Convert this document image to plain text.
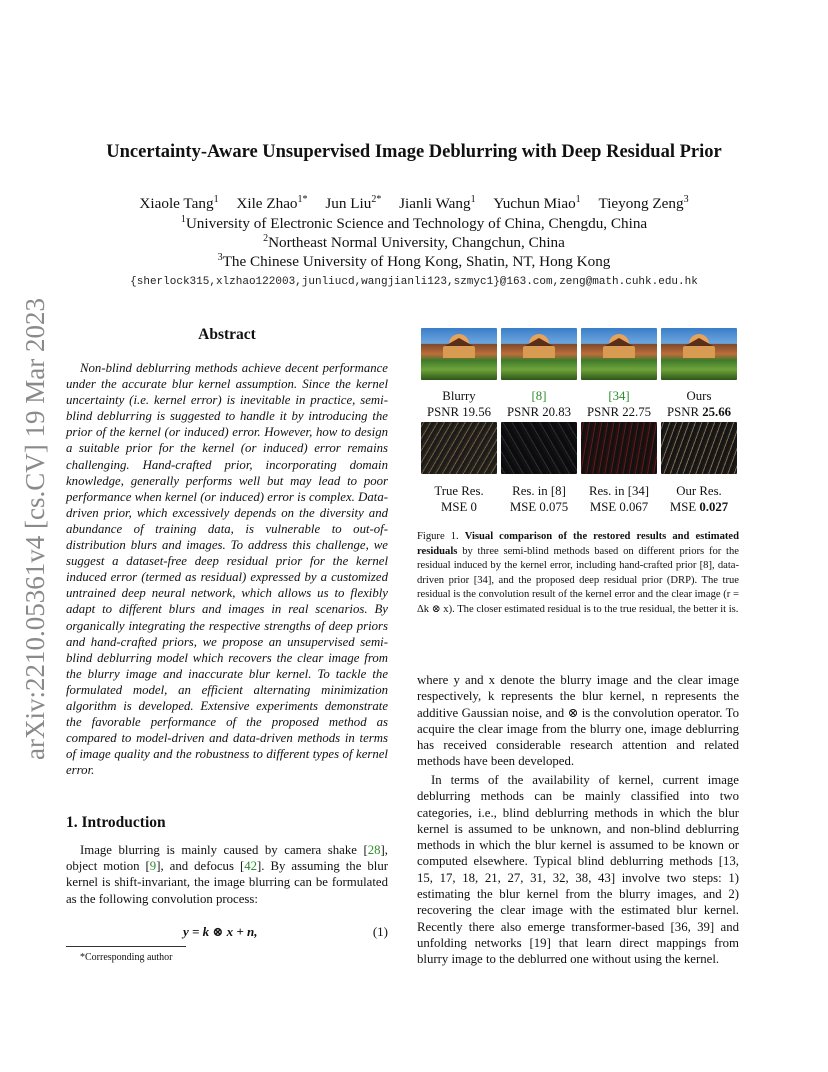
arXiv:2210.05361v4 [cs.CV] 19 Mar 2023
Uncertainty-Aware Unsupervised Image Deblurring with Deep Residual Prior
Xiaole Tang$^1$ Xile Zhao$^{1*}$ Jun Liu$^{2*}$ Jianli Wang$^1$ Yuchun Miao$^1$ Tieyong Zeng$^3$
$^1$University of Electronic Science and Technology of China, Chengdu, China
$^2$Northeast Normal University, Changchun, China
$^3$The Chinese University of Hong Kong, Shatin, NT, Hong Kong
{sherlock315,xlzhao122003,junliucd,wangjianli123,szmyc1}@163.com,zeng@math.cuhk.edu.hk
Abstract
Non-blind deblurring methods achieve decent performance under the accurate blur kernel assumption. Since the kernel uncertainty (i.e. kernel error) is inevitable in practice, semi-blind deblurring is suggested to handle it by introducing the prior of the kernel (or induced) error. However, how to design a suitable prior for the kernel (or induced) error remains challenging. Hand-crafted prior, incorporating domain knowledge, generally performs well but may lead to poor performance when kernel (or induced) error is complex. Data-driven prior, which excessively depends on the diversity and abundance of training data, is vulnerable to out-of-distribution blurs and images. To address this challenge, we suggest a dataset-free deep residual prior for the kernel induced error (termed as residual) expressed by a customized untrained deep neural network, which allows us to flexibly adapt to different blurs and images in real scenarios. By organically integrating the respective strengths of deep priors and hand-crafted priors, we propose an unsupervised semi-blind deblurring model which recovers the clear image from the blurry image and inaccurate blur kernel. To tackle the formulated model, an efficient alternating minimization algorithm is developed. Extensive experiments demonstrate the favorable performance of the proposed method as compared to model-driven and data-driven methods in terms of image quality and the robustness to different types of kernel error.
1. Introduction
Image blurring is mainly caused by camera shake [28], object motion [9], and defocus [42]. By assuming the blur kernel is shift-invariant, the image blurring can be formulated as the following convolution process:
y = k ⊗ x + n,	(1)
*Corresponding author
Blurry
PSNR 19.56
[8]
PSNR 20.83
[34]
PSNR 22.75
Ours
PSNR 25.66
True Res.
MSE 0
Res. in [8]
MSE 0.075
Res. in [34]
MSE 0.067
Our Res.
MSE 0.027
Figure 1. Visual comparison of the restored results and estimated residuals by three semi-blind methods based on different priors for the residual induced by the kernel error, including hand-crafted prior [8], data-driven prior [34], and the proposed deep residual prior (DRP). The true residual is the convolution result of the kernel error and the clear image (r = Δk ⊗ x). The closer estimated residual is to the true residual, the better it is.
where y and x denote the blurry image and the clear image respectively, k represents the blur kernel, n represents the additive Gaussian noise, and ⊗ is the convolution operator. To acquire the clear image from the blurry one, image deblurring has received considerable research attention and related methods have been developed.
In terms of the availability of kernel, current image deblurring methods can be mainly classified into two categories, i.e., blind deblurring methods in which the blur kernel is assumed to be unknown, and non-blind deblurring methods in which the blur kernel is assumed to be known or computed elsewhere. Typical blind deblurring methods [13, 15, 17, 18, 21, 27, 31, 32, 38, 43] involve two steps: 1) estimating the blur kernel from the blurry images, and 2) recovering the clear image with the estimated blur kernel. Recently there also emerge transformer-based [36, 39] and unfolding networks [19] that learn direct mappings from blurry image to the deblurred one without using the kernel.
